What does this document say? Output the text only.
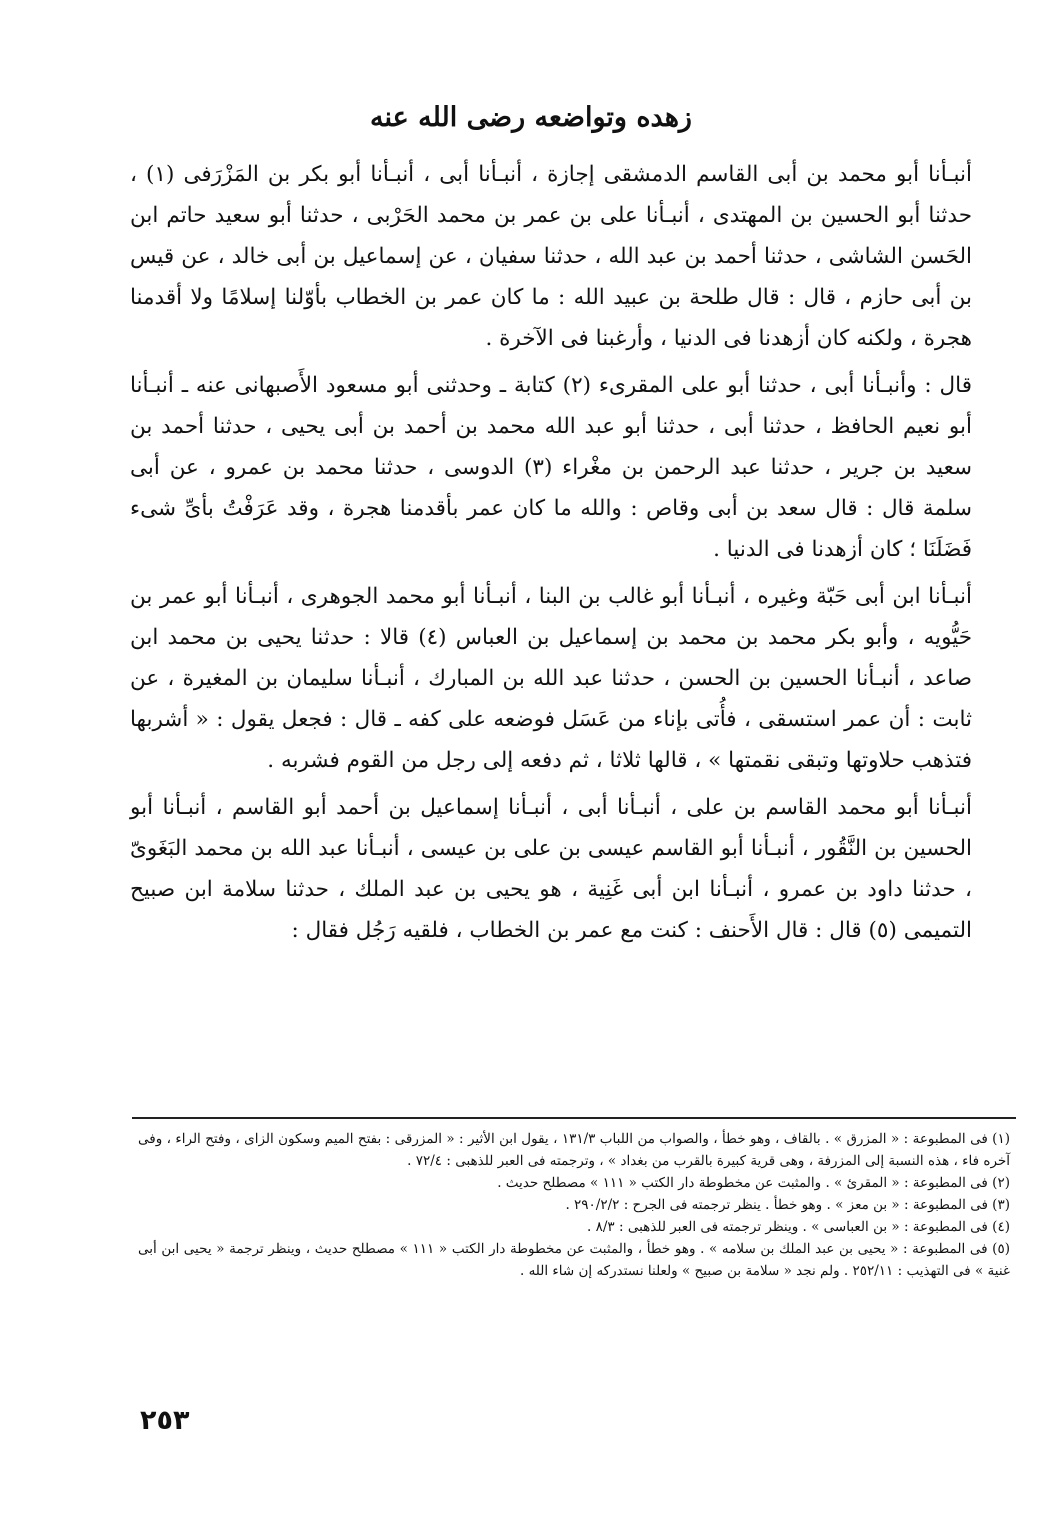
زهده وتواضعه رضى الله عنه

أنبـأنا أبو محمد بن أبى القاسم الدمشقى إجازة ، أنبـأنا أبى ، أنبـأنا أبو بكر بن المَزْرَفى (١) ، حدثنا أبو الحسين بن المهتدى ، أنبـأنا على بن عمر بن محمد الحَرْبى ، حدثنا أبو سعيد حاتم ابن الحَسن الشاشى ، حدثنا أحمد بن عبد الله ، حدثنا سفيان ، عن إسماعيل بن أبى خالد ، عن قيس بن أبى حازم ، قال : قال طلحة بن عبيد الله : ما كان عمر بن الخطاب بأوّلنا إسلامًا ولا أقدمنا هجرة ، ولكنه كان أزهدنا فى الدنيا ، وأرغبنا فى الآخرة .

قال : وأنبـأنا أبى ، حدثنا أبو على المقرىء (٢) كتابة ـ وحدثنى أبو مسعود الأَصبهانى عنه ـ أنبـأنا أبو نعيم الحافظ ، حدثنا أبى ، حدثنا أبو عبد الله محمد بن أحمد بن أبى يحيى ، حدثنا أحمد بن سعيد بن جرير ، حدثنا عبد الرحمن بن مغْراء (٣) الدوسى ، حدثنا محمد بن عمرو ، عن أبى سلمة قال : قال سعد بن أبى وقاص : والله ما كان عمر بأقدمنا هجرة ، وقد عَرَفْتُ بأىِّ شىء فَضَلَنَا ؛ كان أزهدنا فى الدنيا .

أنبـأنا ابن أبى حَبّة وغيره ، أنبـأنا أبو غالب بن البنا ، أنبـأنا أبو محمد الجوهرى ، أنبـأنا أبو عمر بن حَيُّويه ، وأبو بكر محمد بن محمد بن إسماعيل بن العباس (٤) قالا : حدثنا يحيى بن محمد ابن صاعد ، أنبـأنا الحسين بن الحسن ، حدثنا عبد الله بن المبارك ، أنبـأنا سليمان بن المغيرة ، عن ثابت : أن عمر استسقى ، فأُتى بإناء من عَسَل فوضعه على كفه ـ قال : فجعل يقول : « أشربها فتذهب حلاوتها وتبقى نقمتها » ، قالها ثلاثا ، ثم دفعه إلى رجل من القوم فشربه .

أنبـأنا أبو محمد القاسم بن على ، أنبـأنا أبى ، أنبـأنا إسماعيل بن أحمد أبو القاسم ، أنبـأنا أبو الحسين بن النَّقُور ، أنبـأنا أبو القاسم عيسى بن على بن عيسى ، أنبـأنا عبد الله بن محمد البَغَوىّ ، حدثنا داود بن عمرو ، أنبـأنا ابن أبى غَنِية ، هو يحيى بن عبد الملك ، حدثنا سلامة ابن صبيح التميمى (٥) قال : قال الأَحنف : كنت مع عمر بن الخطاب ، فلقيه رَجُل فقال :

(١) فى المطبوعة : « المزرق » . بالقاف ، وهو خطأ ، والصواب من اللباب ١٣١/٣ ، يقول ابن الأثير : « المزرقى : بفتح الميم وسكون الزاى ، وفتح الراء ، وفى آخره فاء ، هذه النسبة إلى المزرفة ، وهى قرية كبيرة بالقرب من بغداد » ، وترجمته فى العبر للذهبى : ٧٢/٤ .
(٢) فى المطبوعة : « المقرئ » . والمثبت عن مخطوطة دار الكتب « ١١١ » مصطلح حديث .
(٣) فى المطبوعة : « بن معز » . وهو خطأ . ينظر ترجمته فى الجرح : ٢٩٠/٢/٢ .
(٤) فى المطبوعة : « بن العباسى » . وينظر ترجمته فى العبر للذهبى : ٨/٣ .
(٥) فى المطبوعة : « يحيى بن عبد الملك بن سلامه » . وهو خطأ ، والمثبت عن مخطوطة دار الكتب « ١١١ » مصطلح حديث ، وينظر ترجمة « يحيى ابن أبى غنية » فى التهذيب : ٢٥٢/١١ . ولم نجد « سلامة بن صبيح » ولعلنا نستدركه إن شاء الله .
٢٥٣
